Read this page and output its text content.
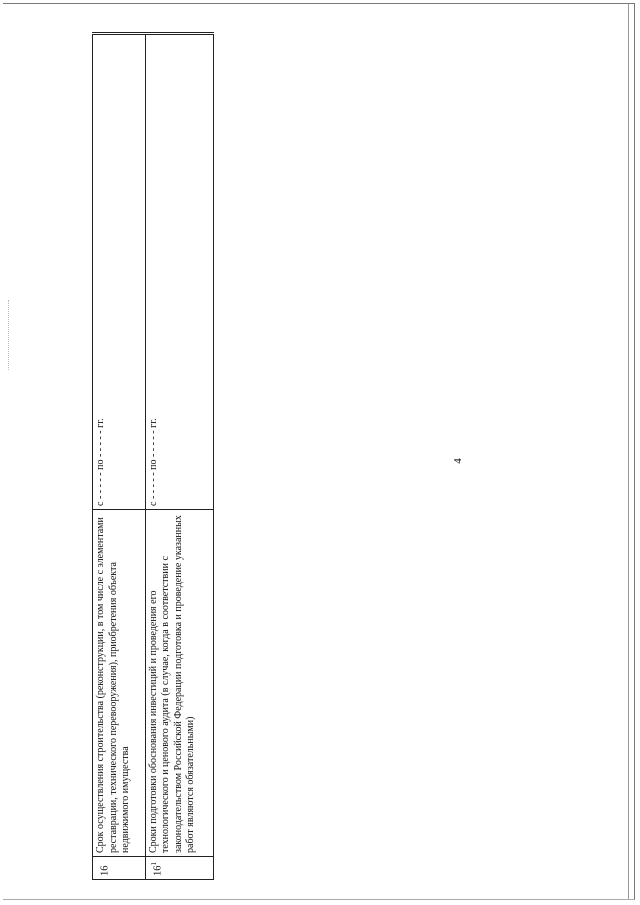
4
16	Срок осуществления строительства (реконструкции, в том числе с элементами реставрации, технического перевооружения), приобретения объекта недвижимого имущества	с - - - - - по - - - - - гг.
$16^1$	Сроки подготовки обоснования инвестиций и проведения его технологического и ценового аудита (в случае, когда в соответствии с законодательством Российской Федерации подготовка и проведение указанных работ являются обязательными)	с - - - - - по - - - - - гг.
